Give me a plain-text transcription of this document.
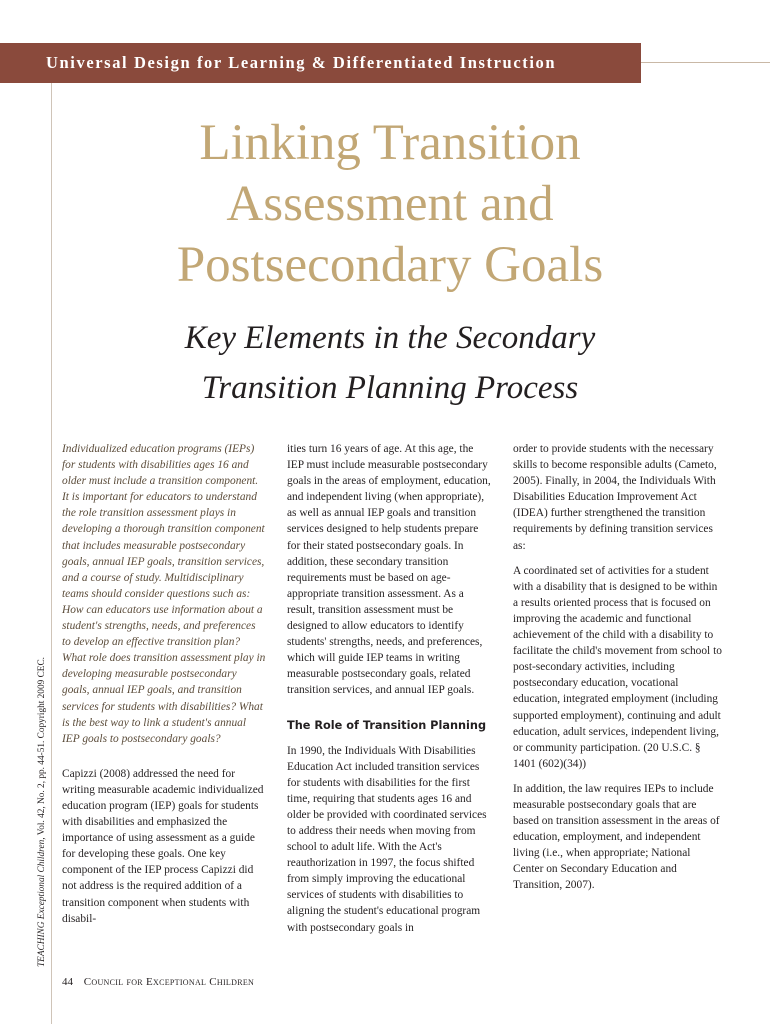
Universal Design for Learning & Differentiated Instruction
Linking Transition
Assessment and
Postsecondary Goals
Key Elements in the Secondary
Transition Planning Process
TEACHING Exceptional Children, Vol. 42, No. 2, pp. 44-51. Copyright 2009 CEC.

Individualized education programs (IEPs) for students with disabilities ages 16 and older must include a transition component. It is important for educators to understand the role transition assessment plays in developing a thorough transition component that includes measurable postsecondary goals, annual IEP goals, transition services, and a course of study. Multidisciplinary teams should consider questions such as: How can educators use information about a student's strengths, needs, and preferences to develop an effective transition plan? What role does transition assessment play in developing measurable postsecondary goals, annual IEP goals, and transition services for students with disabilities? What is the best way to link a student's annual IEP goals to postsecondary goals?

Capizzi (2008) addressed the need for writing measurable academic individualized education program (IEP) goals for students with disabilities and emphasized the importance of using assessment as a guide for developing these goals. One key component of the IEP process Capizzi did not address is the required addition of a transition component when students with disabil-

ities turn 16 years of age. At this age, the IEP must include measurable postsecondary goals in the areas of employment, education, and independent living (when appropriate), as well as annual IEP goals and transition services designed to help students prepare for their stated postsecondary goals. In addition, these secondary transition requirements must be based on age-appropriate transition assessment. As a result, transition assessment must be designed to allow educators to identify students' strengths, needs, and preferences, which will guide IEP teams in writing measurable postsecondary goals, related transition services, and annual IEP goals.

The Role of Transition Planning

In 1990, the Individuals With Disabilities Education Act included transition services for students with disabilities for the first time, requiring that students ages 16 and older be provided with coordinated services to address their needs when moving from school to adult life. With the Act's reauthorization in 1997, the focus shifted from simply improving the educational services of students with disabilities to aligning the student's educational program with postsecondary goals in

order to provide students with the necessary skills to become responsible adults (Cameto, 2005). Finally, in 2004, the Individuals With Disabilities Education Improvement Act (IDEA) further strengthened the transition requirements by defining transition services as:

A coordinated set of activities for a student with a disability that is designed to be within a results oriented process that is focused on improving the academic and functional achievement of the child with a disability to facilitate the child's movement from school to post-secondary activities, including postsecondary education, vocational education, integrated employment (including supported employment), continuing and adult education, adult services, independent living, or community participation. (20 U.S.C. § 1401 (602)(34))

In addition, the law requires IEPs to include measurable postsecondary goals that are based on transition assessment in the areas of education, employment, and independent living (i.e., when appropriate; National Center on Secondary Education and Transition, 2007).

44 Council for Exceptional Children
